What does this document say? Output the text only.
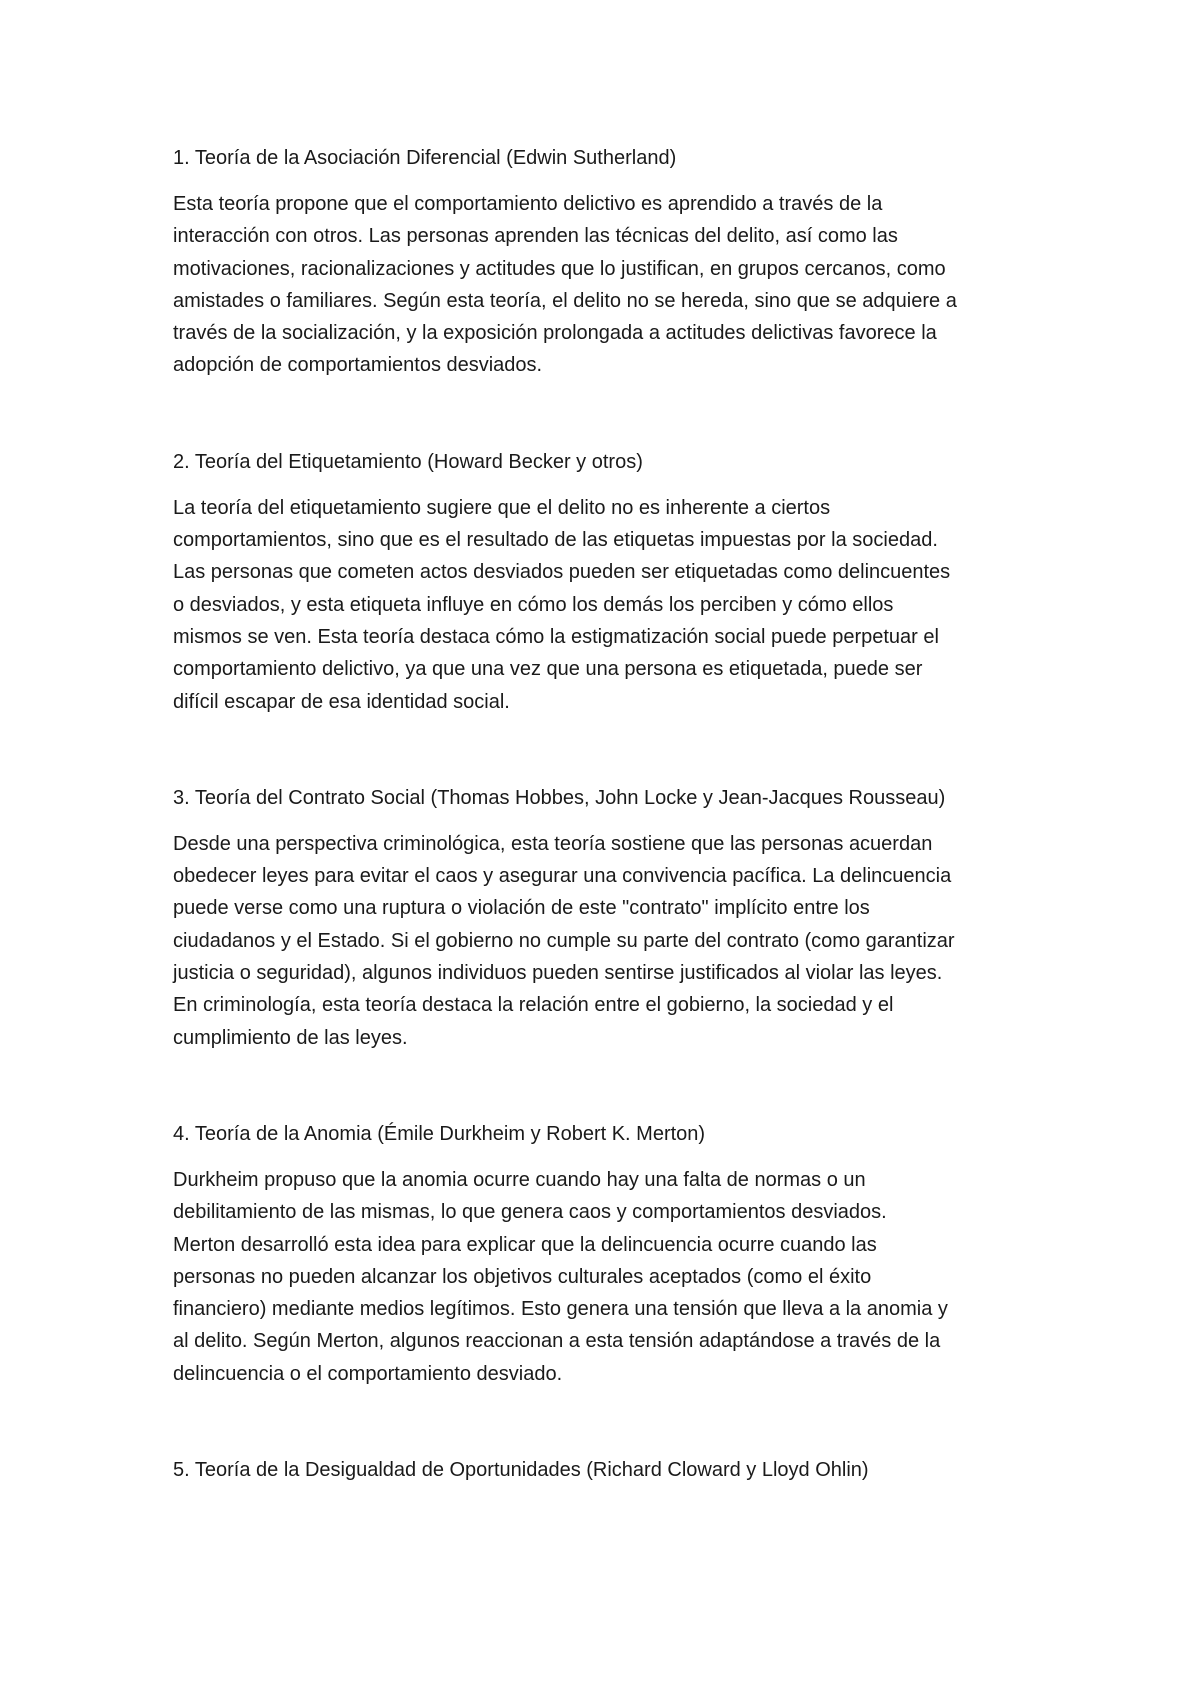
1. Teoría de la Asociación Diferencial (Edwin Sutherland)

Esta teoría propone que el comportamiento delictivo es aprendido a través de la
interacción con otros. Las personas aprenden las técnicas del delito, así como las
motivaciones, racionalizaciones y actitudes que lo justifican, en grupos cercanos, como
amistades o familiares. Según esta teoría, el delito no se hereda, sino que se adquiere a
través de la socialización, y la exposición prolongada a actitudes delictivas favorece la
adopción de comportamientos desviados.

2. Teoría del Etiquetamiento (Howard Becker y otros)

La teoría del etiquetamiento sugiere que el delito no es inherente a ciertos
comportamientos, sino que es el resultado de las etiquetas impuestas por la sociedad.
Las personas que cometen actos desviados pueden ser etiquetadas como delincuentes
o desviados, y esta etiqueta influye en cómo los demás los perciben y cómo ellos
mismos se ven. Esta teoría destaca cómo la estigmatización social puede perpetuar el
comportamiento delictivo, ya que una vez que una persona es etiquetada, puede ser
difícil escapar de esa identidad social.

3. Teoría del Contrato Social (Thomas Hobbes, John Locke y Jean-Jacques Rousseau)

Desde una perspectiva criminológica, esta teoría sostiene que las personas acuerdan
obedecer leyes para evitar el caos y asegurar una convivencia pacífica. La delincuencia
puede verse como una ruptura o violación de este "contrato" implícito entre los
ciudadanos y el Estado. Si el gobierno no cumple su parte del contrato (como garantizar
justicia o seguridad), algunos individuos pueden sentirse justificados al violar las leyes.
En criminología, esta teoría destaca la relación entre el gobierno, la sociedad y el
cumplimiento de las leyes.

4. Teoría de la Anomia (Émile Durkheim y Robert K. Merton)

Durkheim propuso que la anomia ocurre cuando hay una falta de normas o un
debilitamiento de las mismas, lo que genera caos y comportamientos desviados.
Merton desarrolló esta idea para explicar que la delincuencia ocurre cuando las
personas no pueden alcanzar los objetivos culturales aceptados (como el éxito
financiero) mediante medios legítimos. Esto genera una tensión que lleva a la anomia y
al delito. Según Merton, algunos reaccionan a esta tensión adaptándose a través de la
delincuencia o el comportamiento desviado.

5. Teoría de la Desigualdad de Oportunidades (Richard Cloward y Lloyd Ohlin)
